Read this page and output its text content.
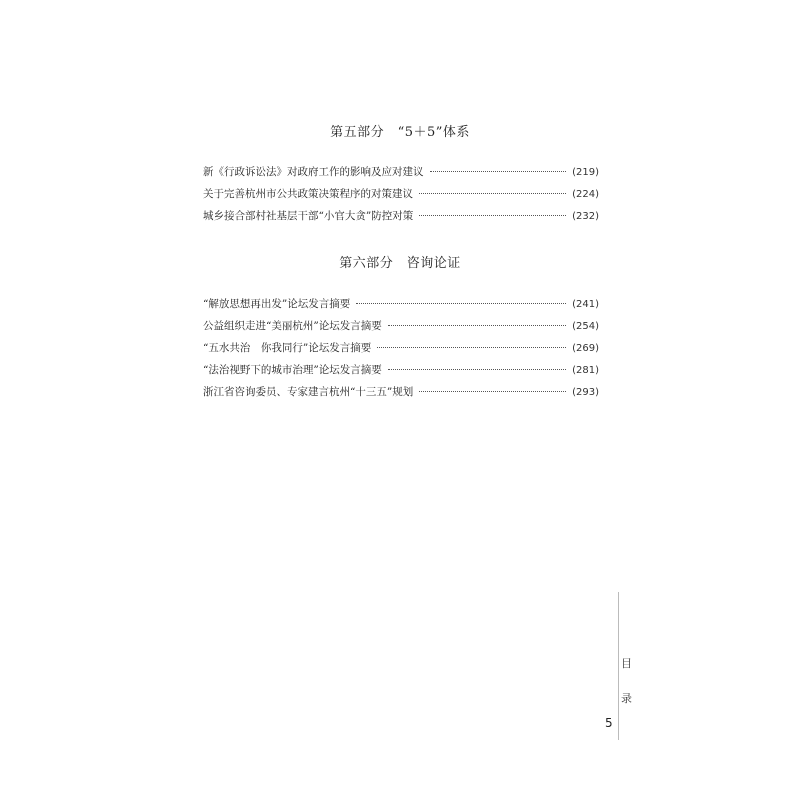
第五部分　“5＋5”体系
新《行政诉讼法》对政府工作的影响及应对建议	(219)
关于完善杭州市公共政策决策程序的对策建议	(224)
城乡接合部村社基层干部“小官大贪”防控对策	(232)
第六部分　咨询论证
“解放思想再出发”论坛发言摘要	(241)
公益组织走进“美丽杭州”论坛发言摘要	(254)
“五水共治　你我同行”论坛发言摘要	(269)
“法治视野下的城市治理”论坛发言摘要	(281)
浙江省咨询委员、专家建言杭州“十三五”规划	(293)
目
录
5
